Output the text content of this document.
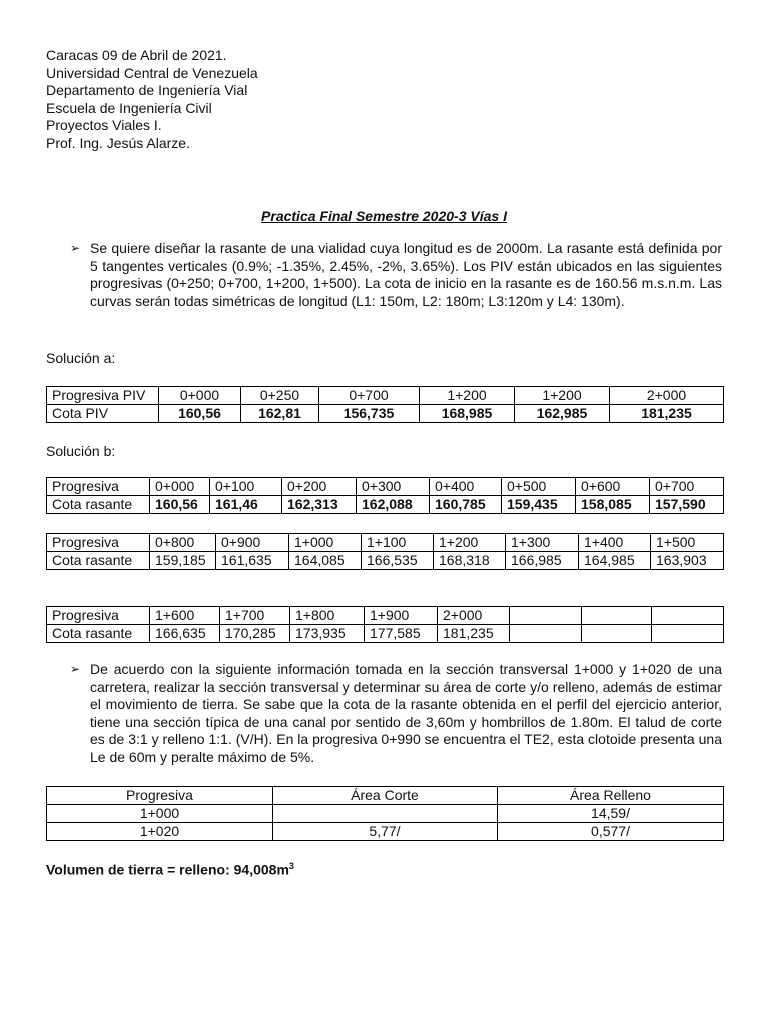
Caracas 09 de Abril de 2021.
Universidad Central de Venezuela
Departamento de Ingeniería Vial
Escuela de Ingeniería Civil
Proyectos Viales I.
Prof. Ing. Jesús Alarze.
Practica Final Semestre 2020-3 Vías I
➢ Se quiere diseñar la rasante de una vialidad cuya longitud es de 2000m. La rasante está definida por 5 tangentes verticales (0.9%; -1.35%, 2.45%, -2%, 3.65%). Los PIV están ubicados en las siguientes progresivas (0+250; 0+700, 1+200, 1+500). La cota de inicio en la rasante es de 160.56 m.s.n.m. Las curvas serán todas simétricas de longitud (L1: 150m, L2: 180m; L3:120m y L4: 130m).
Solución a:
Progresiva PIV	0+000	0+250	0+700	1+200	1+200	2+000
Cota PIV	160,56	162,81	156,735	168,985	162,985	181,235
Solución b:
Progresiva	0+000	0+100	0+200	0+300	0+400	0+500	0+600	0+700
Cota rasante	160,56	161,46	162,313	162,088	160,785	159,435	158,085	157,590
Progresiva	0+800	0+900	1+000	1+100	1+200	1+300	1+400	1+500
Cota rasante	159,185	161,635	164,085	166,535	168,318	166,985	164,985	163,903
Progresiva	1+600	1+700	1+800	1+900	2+000			
Cota rasante	166,635	170,285	173,935	177,585	181,235			
➢ De acuerdo con la siguiente información tomada en la sección transversal 1+000 y 1+020 de una carretera, realizar la sección transversal y determinar su área de corte y/o relleno, además de estimar el movimiento de tierra. Se sabe que la cota de la rasante obtenida en el perfil del ejercicio anterior, tiene una sección típica de una canal por sentido de 3,60m y hombrillos de 1.80m. El talud de corte es de 3:1 y relleno 1:1. (V/H). En la progresiva 0+990 se encuentra el TE2, esta clotoide presenta una Le de 60m y peralte máximo de 5%.
Progresiva	Área Corte	Área Relleno
1+000		14,59/
1+020	5,77/	0,577/
Volumen de tierra = relleno: $94,008m^3$
